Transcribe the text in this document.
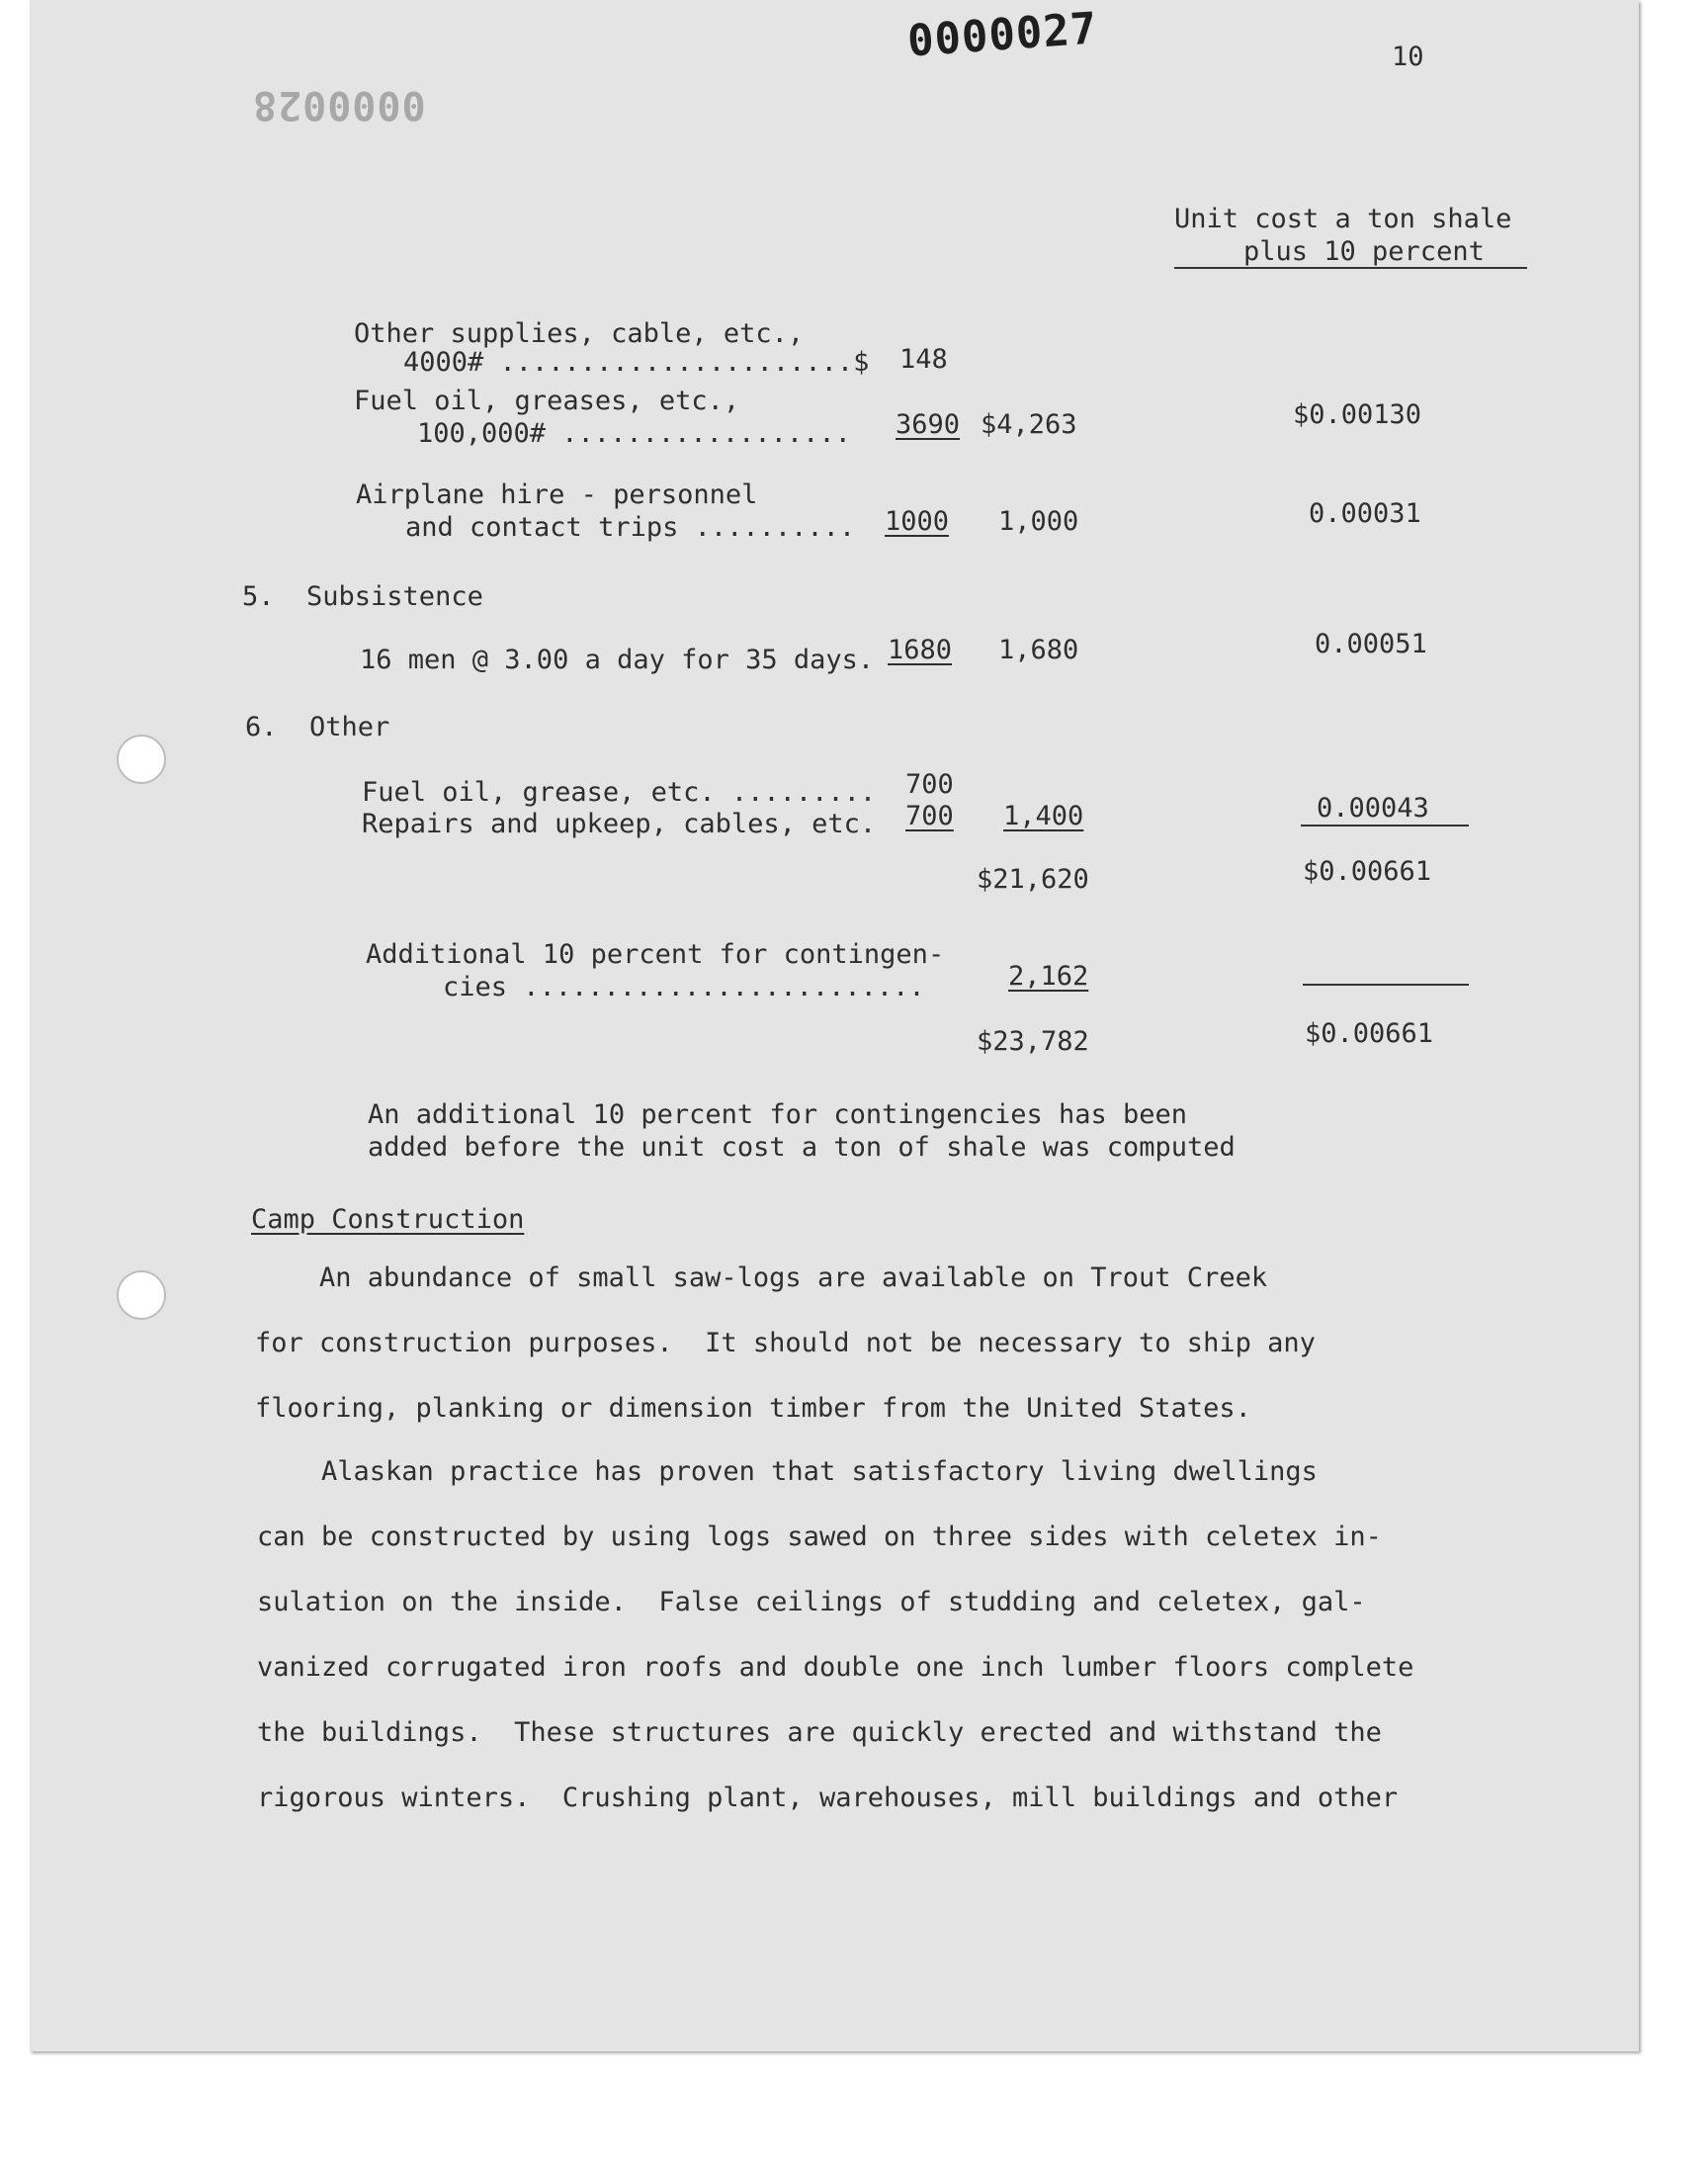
0000027
0000028
10
Unit cost a ton shale
plus 10 percent
Other supplies, cable, etc.,
4000# ......................$ 148
Fuel oil, greases, etc.,
100,000# .................. 3690 $4,263	$0.00130
Airplane hire - personnel
and contact trips .......... 1000 1,000	0.00031
5.  Subsistence
16 men @ 3.00 a day for 35 days. 1680 1,680	0.00051
6.  Other
Fuel oil, grease, etc. ......... 700
Repairs and upkeep, cables, etc. 700 1,400	0.00043
$21,620	$0.00661
Additional 10 percent for contingen-
cies .........................	2,162
$23,782	$0.00661
An additional 10 percent for contingencies has been
added before the unit cost a ton of shale was computed
Camp Construction

An abundance of small saw-logs are available on Trout Creek

for construction purposes.  It should not be necessary to ship any

flooring, planking or dimension timber from the United States.

Alaskan practice has proven that satisfactory living dwellings

can be constructed by using logs sawed on three sides with celetex in-

sulation on the inside.  False ceilings of studding and celetex, gal-

vanized corrugated iron roofs and double one inch lumber floors complete

the buildings.  These structures are quickly erected and withstand the

rigorous winters.  Crushing plant, warehouses, mill buildings and other
